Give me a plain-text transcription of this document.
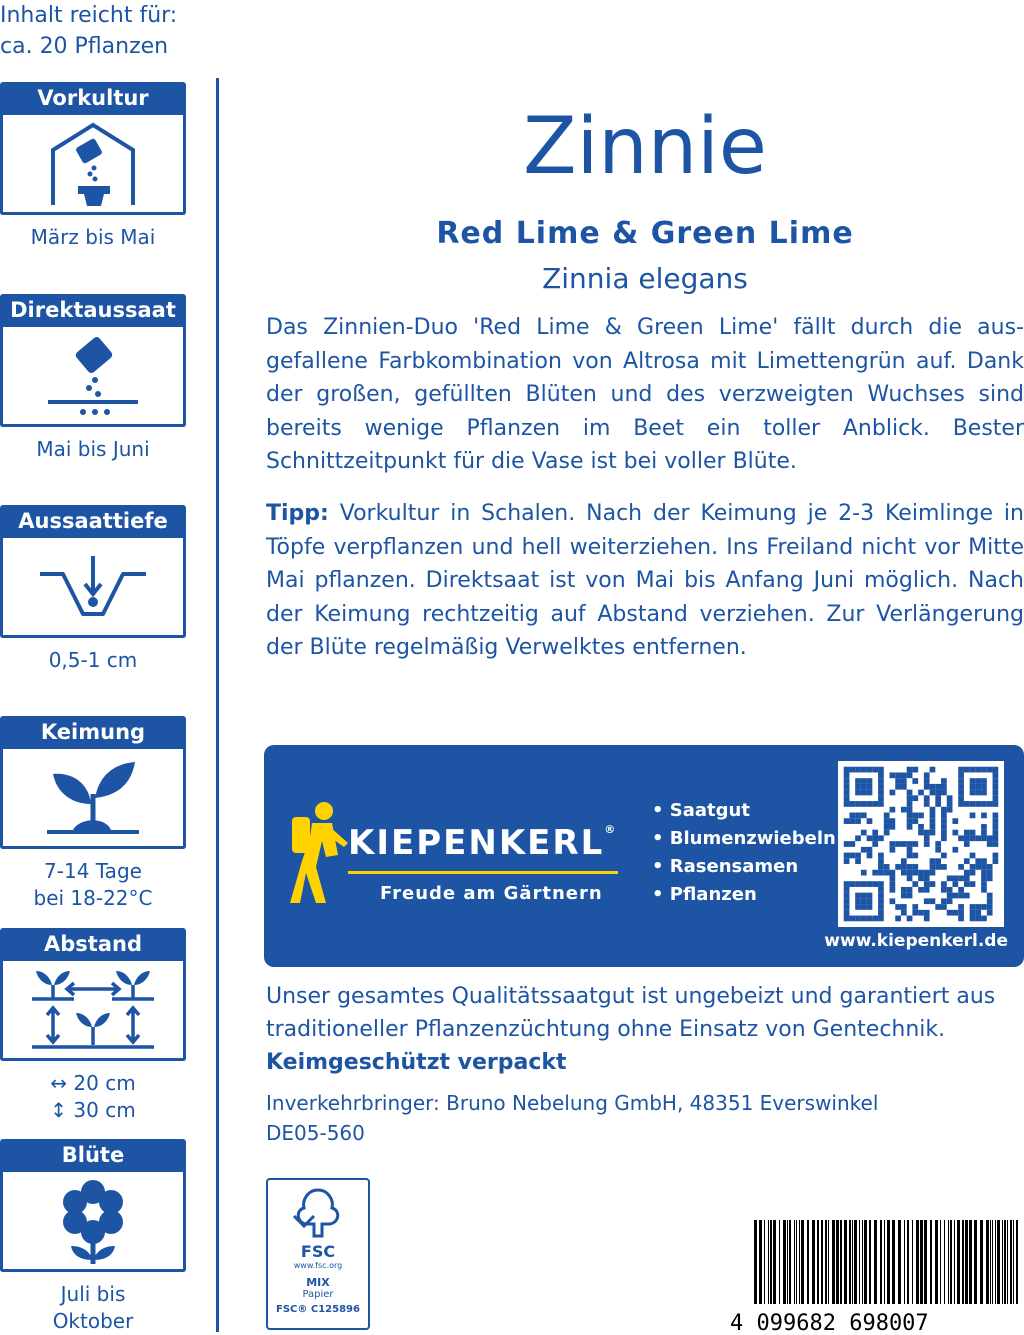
Inhalt reicht für:
ca. 20 Pflanzen
Vorkultur
März bis Mai
Direktaussaat
Mai bis Juni
Aussaattiefe
0,5-1 cm
Keimung
7-14 Tage
bei 18-22°C
Abstand
↔ 20 cm
↕ 30 cm
Blüte
Juli bis
Oktober
Zinnie
Red Lime & Green Lime
Zinnia elegans
Das Zinnien-Duo 'Red Lime & Green Lime' fällt durch die ausgefallene Farbkombination von Altrosa mit Limettengrün auf. Dank der großen, gefüllten Blüten und des verzweigten Wuchses sind bereits wenige Pflanzen im Beet ein toller Anblick. Bester Schnittzeitpunkt für die Vase ist bei voller Blüte.
Tipp: Vorkultur in Schalen. Nach der Keimung je 2-3 Keimlinge in Töpfe verpflanzen und hell weiterziehen. Ins Freiland nicht vor Mitte Mai pflanzen. Direktsaat ist von Mai bis Anfang Juni möglich. Nach der Keimung rechtzeitig auf Abstand verziehen. Zur Verlängerung der Blüte regelmäßig Verwelktes entfernen.
KIEPENKERL®
Freude am Gärtnern
• Saatgut
• Blumenzwiebeln
• Rasensamen
• Pflanzen
www.kiepenkerl.de
Unser gesamtes Qualitätssaatgut ist ungebeizt und garantiert aus traditioneller Pflanzenzüchtung ohne Einsatz von Gentechnik.
Keimgeschützt verpackt
Inverkehrbringer: Bruno Nebelung GmbH, 48351 Everswinkel
DE05-560
FSC
www.fsc.org
MIX
Papier
FSC® C125896
4 099682 698007
